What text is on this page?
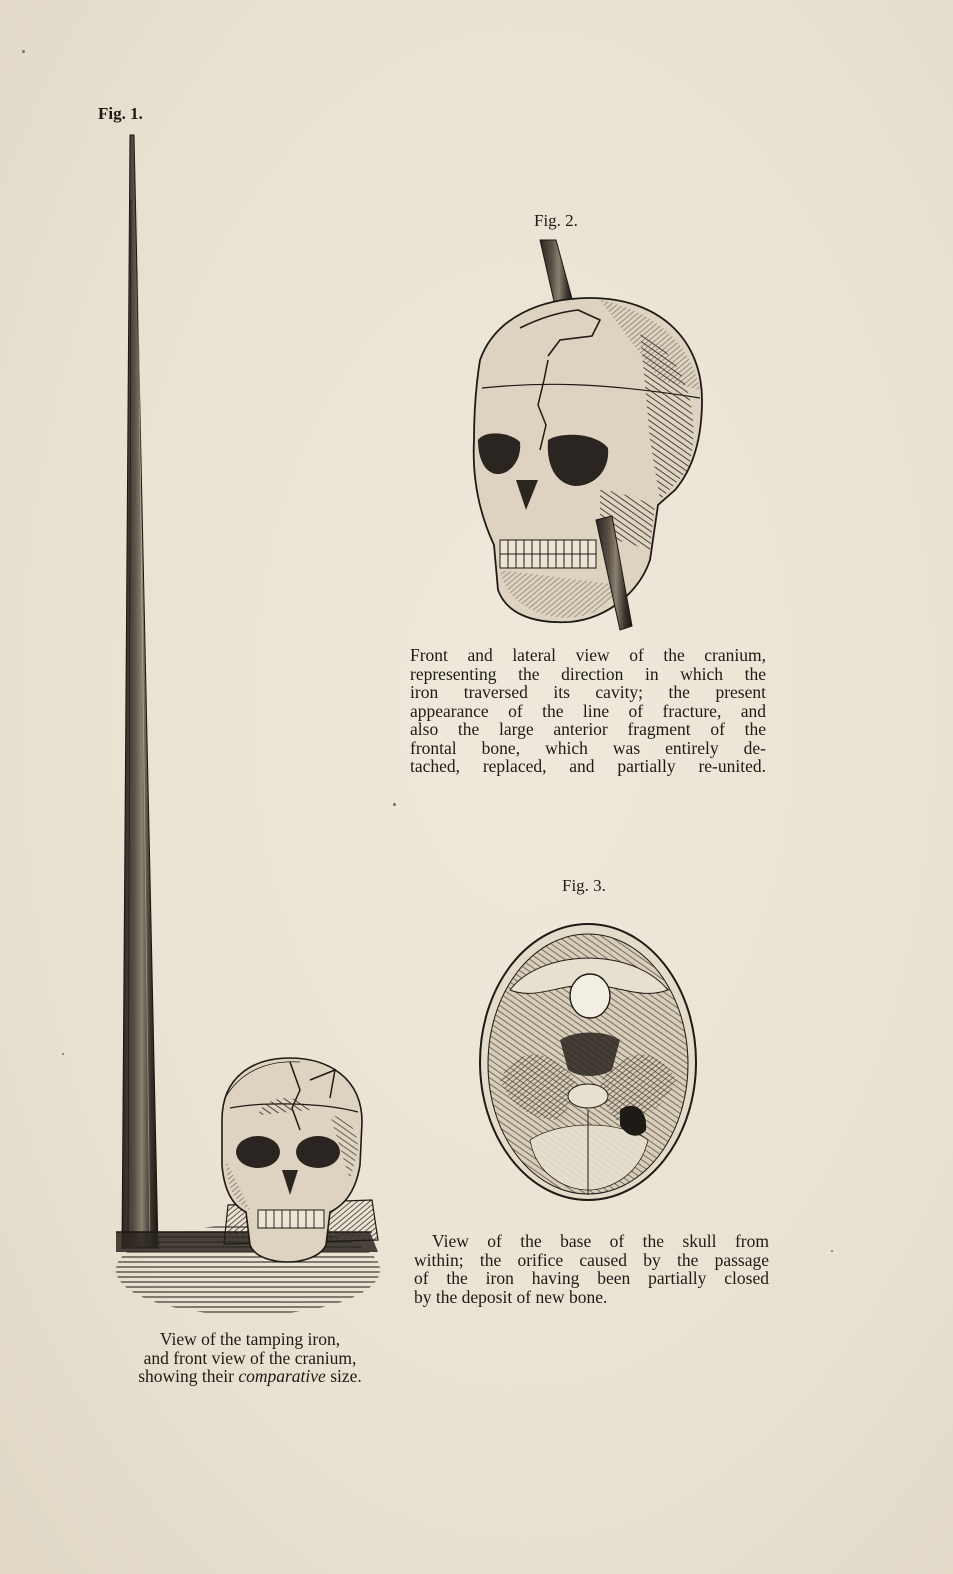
Fig. 1.
View of the tamping iron,
and front view of the cranium,
showing their comparative size.
Fig. 2.
Front and lateral view of the cranium,
representing the direction in which the
iron traversed its cavity; the present
appearance of the line of fracture, and
also the large anterior fragment of the
frontal bone, which was entirely de-
tached, replaced, and partially re-united.
Fig. 3.
View of the base of the skull from
within; the orifice caused by the passage
of the iron having been partially closed
by the deposit of new bone.
